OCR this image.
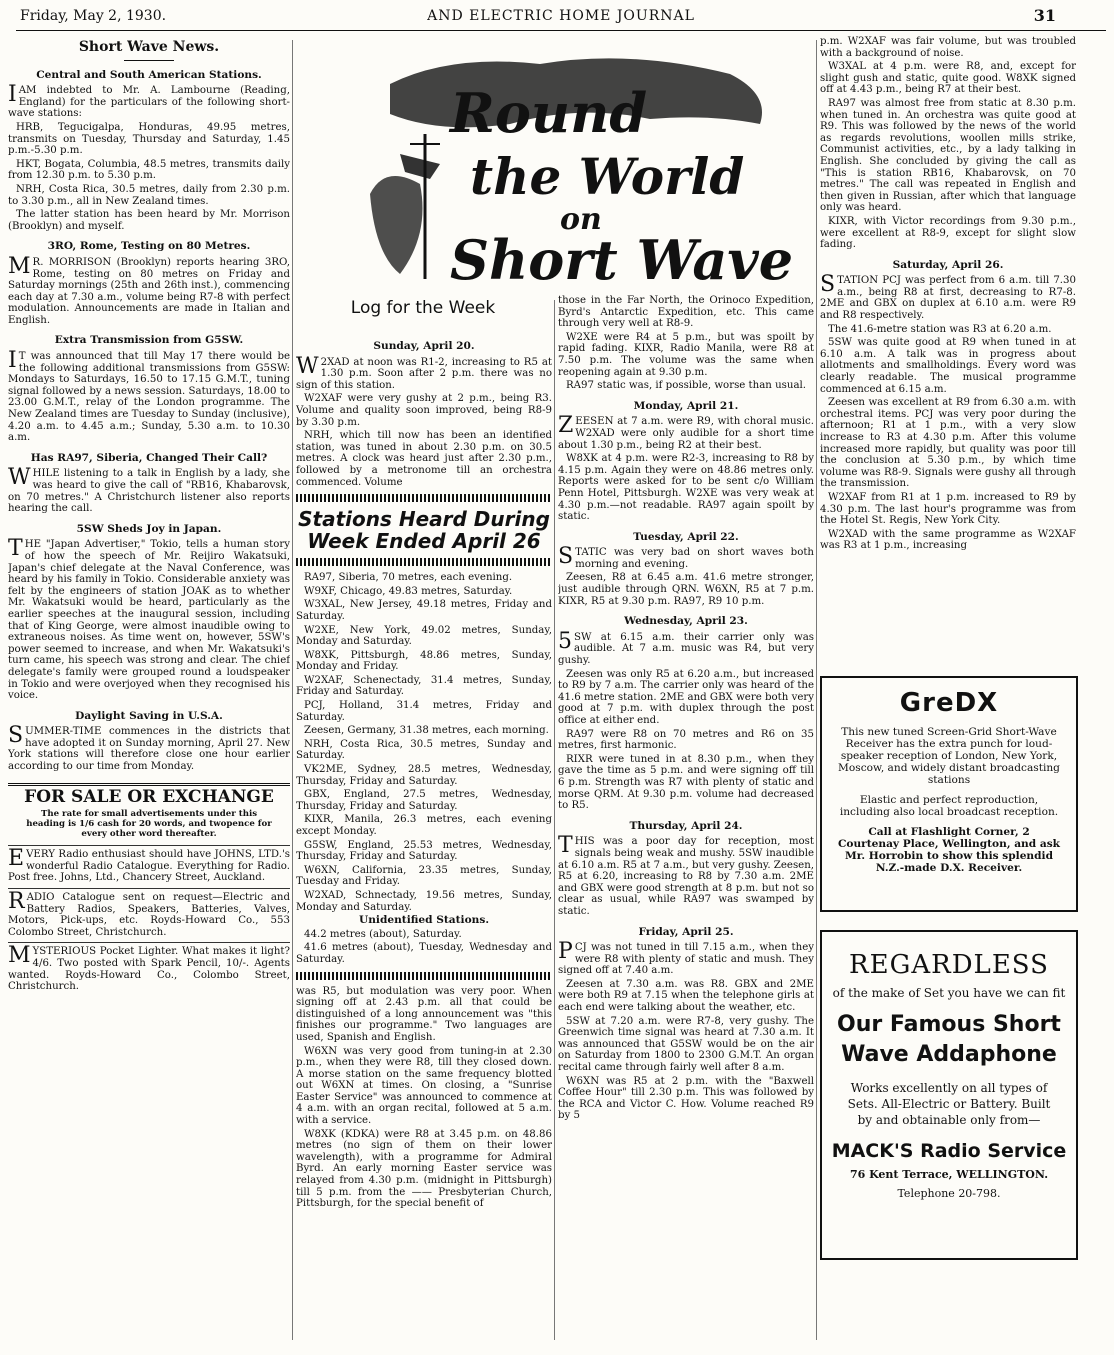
Friday, May 2, 1930.	AND ELECTRIC HOME JOURNAL	31
Short Wave News.
Central and South American Stations.

IAM indebted to Mr. A. Lambourne (Reading, England) for the particulars of the following short-wave stations:

HRB, Tegucigalpa, Honduras, 49.95 metres, transmits on Tuesday, Thursday and Saturday, 1.45 p.m.-5.30 p.m.

HKT, Bogata, Columbia, 48.5 metres, transmits daily from 12.30 p.m. to 5.30 p.m.

NRH, Costa Rica, 30.5 metres, daily from 2.30 p.m. to 3.30 p.m., all in New Zealand times.

The latter station has been heard by Mr. Morrison (Brooklyn) and myself.

3RO, Rome, Testing on 80 Metres.

MR. MORRISON (Brooklyn) reports hearing 3RO, Rome, testing on 80 metres on Friday and Saturday mornings (25th and 26th inst.), commencing each day at 7.30 a.m., volume being R7-8 with perfect modulation. Announcements are made in Italian and English.

Extra Transmission from G5SW.

IT was announced that till May 17 there would be the following additional transmissions from G5SW: Mondays to Saturdays, 16.50 to 17.15 G.M.T., tuning signal followed by a news session. Saturdays, 18.00 to 23.00 G.M.T., relay of the London programme. The New Zealand times are Tuesday to Sunday (inclusive), 4.20 a.m. to 4.45 a.m.; Sunday, 5.30 a.m. to 10.30 a.m.

Has RA97, Siberia, Changed Their Call?

WHILE listening to a talk in English by a lady, she was heard to give the call of "RB16, Khabarovsk, on 70 metres." A Christchurch listener also reports hearing the call.

5SW Sheds Joy in Japan.

THE "Japan Advertiser," Tokio, tells a human story of how the speech of Mr. Reijiro Wakatsuki, Japan's chief delegate at the Naval Conference, was heard by his family in Tokio. Considerable anxiety was felt by the engineers of station JOAK as to whether Mr. Wakatsuki would be heard, particularly as the earlier speeches at the inaugural session, including that of King George, were almost inaudible owing to extraneous noises. As time went on, however, 5SW's power seemed to increase, and when Mr. Wakatsuki's turn came, his speech was strong and clear. The chief delegate's family were grouped round a loudspeaker in Tokio and were overjoyed when they recognised his voice.

Daylight Saving in U.S.A.

SUMMER-TIME commences in the districts that have adopted it on Sunday morning, April 27. New York stations will therefore close one hour earlier according to our time from Monday.

FOR SALE OR EXCHANGE
The rate for small advertisements under this heading is 1/6 cash for 20 words, and twopence for every other word thereafter.

EVERY Radio enthusiast should have JOHNS, LTD.'s wonderful Radio Catalogue. Everything for Radio. Post free. Johns, Ltd., Chancery Street, Auckland.

RADIO Catalogue sent on request—Electric and Battery Radios, Speakers, Batteries, Valves, Motors, Pick-ups, etc. Royds-Howard Co., 553 Colombo Street, Christchurch.

MYSTERIOUS Pocket Lighter. What makes it light? 4/6. Two posted with Spark Pencil, 10/-. Agents wanted. Royds-Howard Co., Colombo Street, Christchurch.

Round
the World
on
Short Wave
Log for the Week
Sunday, April 20.

W2XAD at noon was R1-2, increasing to R5 at 1.30 p.m. Soon after 2 p.m. there was no sign of this station.

W2XAF were very gushy at 2 p.m., being R3. Volume and quality soon improved, being R8-9 by 3.30 p.m.

NRH, which till now has been an identified station, was tuned in about 2.30 p.m. on 30.5 metres. A clock was heard just after 2.30 p.m., followed by a metronome till an orchestra commenced. Volume

Stations Heard During Week Ended April 26

RA97, Siberia, 70 metres, each evening.

W9XF, Chicago, 49.83 metres, Saturday.

W3XAL, New Jersey, 49.18 metres, Friday and Saturday.

W2XE, New York, 49.02 metres, Sunday, Monday and Saturday.

W8XK, Pittsburgh, 48.86 metres, Sunday, Monday and Friday.

W2XAF, Schenectady, 31.4 metres, Sunday, Friday and Saturday.

PCJ, Holland, 31.4 metres, Friday and Saturday.

Zeesen, Germany, 31.38 metres, each morning.

NRH, Costa Rica, 30.5 metres, Sunday and Saturday.

VK2ME, Sydney, 28.5 metres, Wednesday, Thursday, Friday and Saturday.

GBX, England, 27.5 metres, Wednesday, Thursday, Friday and Saturday.

KIXR, Manila, 26.3 metres, each evening except Monday.

G5SW, England, 25.53 metres, Wednesday, Thursday, Friday and Saturday.

W6XN, California, 23.35 metres, Sunday, Tuesday and Friday.

W2XAD, Schnectady, 19.56 metres, Sunday, Monday and Saturday.

Unidentified Stations.

44.2 metres (about), Saturday.

41.6 metres (about), Tuesday, Wednesday and Saturday.

was R5, but modulation was very poor. When signing off at 2.43 p.m. all that could be distinguished of a long announcement was "this finishes our programme." Two languages are used, Spanish and English.

W6XN was very good from tuning-in at 2.30 p.m., when they were R8, till they closed down. A morse station on the same frequency blotted out W6XN at times. On closing, a "Sunrise Easter Service" was announced to commence at 4 a.m. with an organ recital, followed at 5 a.m. with a service.

W8XK (KDKA) were R8 at 3.45 p.m. on 48.86 metres (no sign of them on their lower wavelength), with a programme for Admiral Byrd. An early morning Easter service was relayed from 4.30 p.m. (midnight in Pittsburgh) till 5 p.m. from the —— Presbyterian Church, Pittsburgh, for the special benefit of

those in the Far North, the Orinoco Expedition, Byrd's Antarctic Expedition, etc. This came through very well at R8-9.

W2XE were R4 at 5 p.m., but was spoilt by rapid fading. KIXR, Radio Manila, were R8 at 7.50 p.m. The volume was the same when reopening again at 9.30 p.m.

RA97 static was, if possible, worse than usual.

Monday, April 21.

ZEESEN at 7 a.m. were R9, with choral music. W2XAD were only audible for a short time about 1.30 p.m., being R2 at their best.

W8XK at 4 p.m. were R2-3, increasing to R8 by 4.15 p.m. Again they were on 48.86 metres only. Reports were asked for to be sent c/o William Penn Hotel, Pittsburgh. W2XE was very weak at 4.30 p.m.—not readable. RA97 again spoilt by static.

Tuesday, April 22.

STATIC was very bad on short waves both morning and evening.

Zeesen, R8 at 6.45 a.m. 41.6 metre stronger, just audible through QRN. W6XN, R5 at 7 p.m. KIXR, R5 at 9.30 p.m. RA97, R9 10 p.m.

Wednesday, April 23.

5SW at 6.15 a.m. their carrier only was audible. At 7 a.m. music was R4, but very gushy.

Zeesen was only R5 at 6.20 a.m., but increased to R9 by 7 a.m. The carrier only was heard of the 41.6 metre station. 2ME and GBX were both very good at 7 p.m. with duplex through the post office at either end.

RA97 were R8 on 70 metres and R6 on 35 metres, first harmonic.

RIXR were tuned in at 8.30 p.m., when they gave the time as 5 p.m. and were signing off till 6 p.m. Strength was R7 with plenty of static and morse QRM. At 9.30 p.m. volume had decreased to R5.

Thursday, April 24.

THIS was a poor day for reception, most signals being weak and mushy. 5SW inaudible at 6.10 a.m. R5 at 7 a.m., but very gushy. Zeesen, R5 at 6.20, increasing to R8 by 7.30 a.m. 2ME and GBX were good strength at 8 p.m. but not so clear as usual, while RA97 was swamped by static.

Friday, April 25.

PCJ was not tuned in till 7.15 a.m., when they were R8 with plenty of static and mush. They signed off at 7.40 a.m.

Zeesen at 7.30 a.m. was R8. GBX and 2ME were both R9 at 7.15 when the telephone girls at each end were talking about the weather, etc.

5SW at 7.20 a.m. were R7-8, very gushy. The Greenwich time signal was heard at 7.30 a.m. It was announced that G5SW would be on the air on Saturday from 1800 to 2300 G.M.T. An organ recital came through fairly well after 8 a.m.

W6XN was R5 at 2 p.m. with the "Baxwell Coffee Hour" till 2.30 p.m. This was followed by the RCA and Victor C. How. Volume reached R9 by 5

p.m. W2XAF was fair volume, but was troubled with a background of noise.

W3XAL at 4 p.m. were R8, and, except for slight gush and static, quite good. W8XK signed off at 4.43 p.m., being R7 at their best.

RA97 was almost free from static at 8.30 p.m. when tuned in. An orchestra was quite good at R9. This was followed by the news of the world as regards revolutions, woollen mills strike, Communist activities, etc., by a lady talking in English. She concluded by giving the call as "This is station RB16, Khabarovsk, on 70 metres." The call was repeated in English and then given in Russian, after which that language only was heard.

KIXR, with Victor recordings from 9.30 p.m., were excellent at R8-9, except for slight slow fading.

Saturday, April 26.

STATION PCJ was perfect from 6 a.m. till 7.30 a.m., being R8 at first, decreasing to R7-8. 2ME and GBX on duplex at 6.10 a.m. were R9 and R8 respectively.

The 41.6-metre station was R3 at 6.20 a.m.

5SW was quite good at R9 when tuned in at 6.10 a.m. A talk was in progress about allotments and smallholdings. Every word was clearly readable. The musical programme commenced at 6.15 a.m.

Zeesen was excellent at R9 from 6.30 a.m. with orchestral items. PCJ was very poor during the afternoon; R1 at 1 p.m., with a very slow increase to R3 at 4.30 p.m. After this volume increased more rapidly, but quality was poor till the conclusion at 5.30 p.m., by which time volume was R8-9. Signals were gushy all through the transmission.

W2XAF from R1 at 1 p.m. increased to R9 by 4.30 p.m. The last hour's programme was from the Hotel St. Regis, New York City.

W2XAD with the same programme as W2XAF was R3 at 1 p.m., increasing

GreDX
This new tuned Screen-Grid Short-Wave Receiver has the extra punch for loud-speaker reception of London, New York, Moscow, and widely distant broadcasting stations
Elastic and perfect reproduction, including also local broadcast reception.
Call at Flashlight Corner, 2 Courtenay Place, Wellington, and ask Mr. Horrobin to show this splendid N.Z.-made D.X. Receiver.
REGARDLESS
of the make of Set you have we can fit
Our Famous Short
Wave Addaphone
Works excellently on all types of Sets. All-Electric or Battery. Built by and obtainable only from—
MACK'S Radio Service
76 Kent Terrace, WELLINGTON.
Telephone 20-798.
